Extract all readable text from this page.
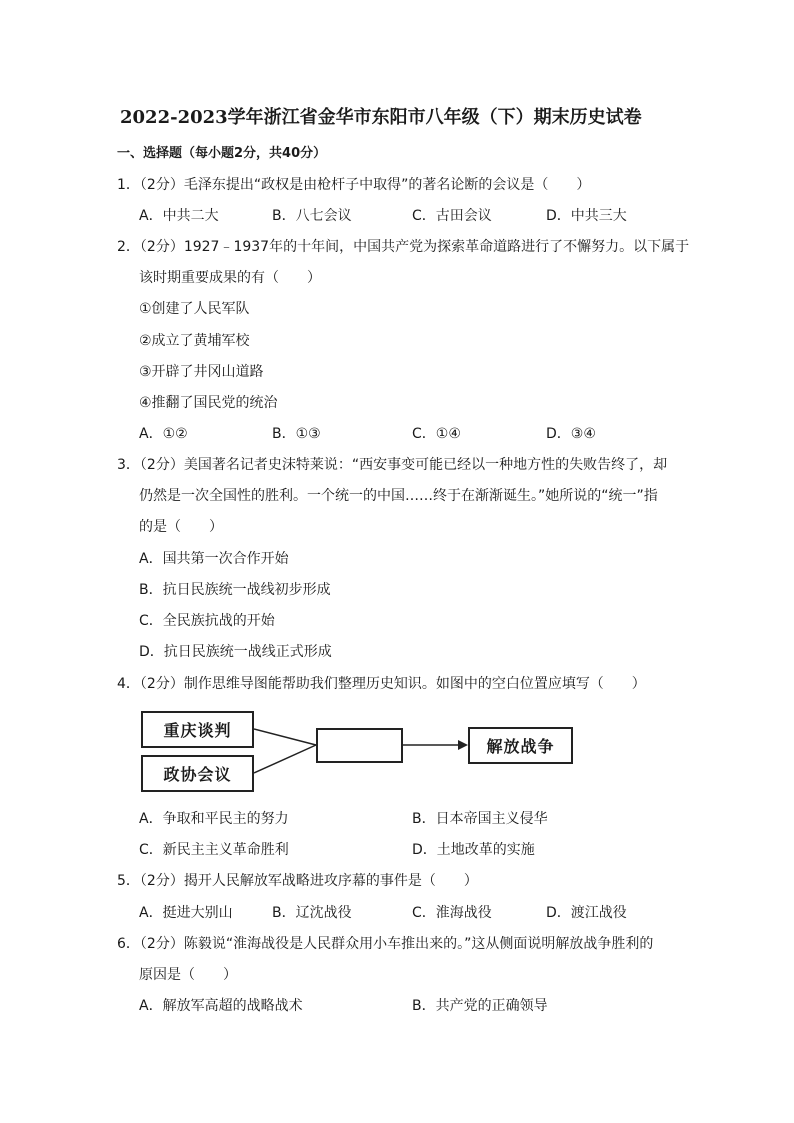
2022-2023学年浙江省金华市东阳市八年级（下）期末历史试卷
一、选择题（每小题2分，共40分）
1．（2分）毛泽东提出“政权是由枪杆子中取得”的著名论断的会议是（　　）
A．中共二大	B．八七会议	C．古田会议	D．中共三大
2．（2分）1927﹣1937年的十年间，中国共产党为探索革命道路进行了不懈努力。以下属于
该时期重要成果的有（　　）
①创建了人民军队
②成立了黄埔军校
③开辟了井冈山道路
④推翻了国民党的统治
A．①②	B．①③	C．①④	D．③④
3．（2分）美国著名记者史沫特莱说：“西安事变可能已经以一种地方性的失败告终了，却
仍然是一次全国性的胜利。一个统一的中国……终于在渐渐诞生。”她所说的“统一”指
的是（　　）
A．国共第一次合作开始
B．抗日民族统一战线初步形成
C．全民族抗战的开始
D．抗日民族统一战线正式形成
4．（2分）制作思维导图能帮助我们整理历史知识。如图中的空白位置应填写（　　）
重庆谈判
政协会议
解放战争
A．争取和平民主的努力	B．日本帝国主义侵华
C．新民主主义革命胜利	D．土地改革的实施
5．（2分）揭开人民解放军战略进攻序幕的事件是（　　）
A．挺进大别山	B．辽沈战役	C．淮海战役	D．渡江战役
6．（2分）陈毅说“淮海战役是人民群众用小车推出来的。”这从侧面说明解放战争胜利的
原因是（　　）
A．解放军高超的战略战术	B．共产党的正确领导
